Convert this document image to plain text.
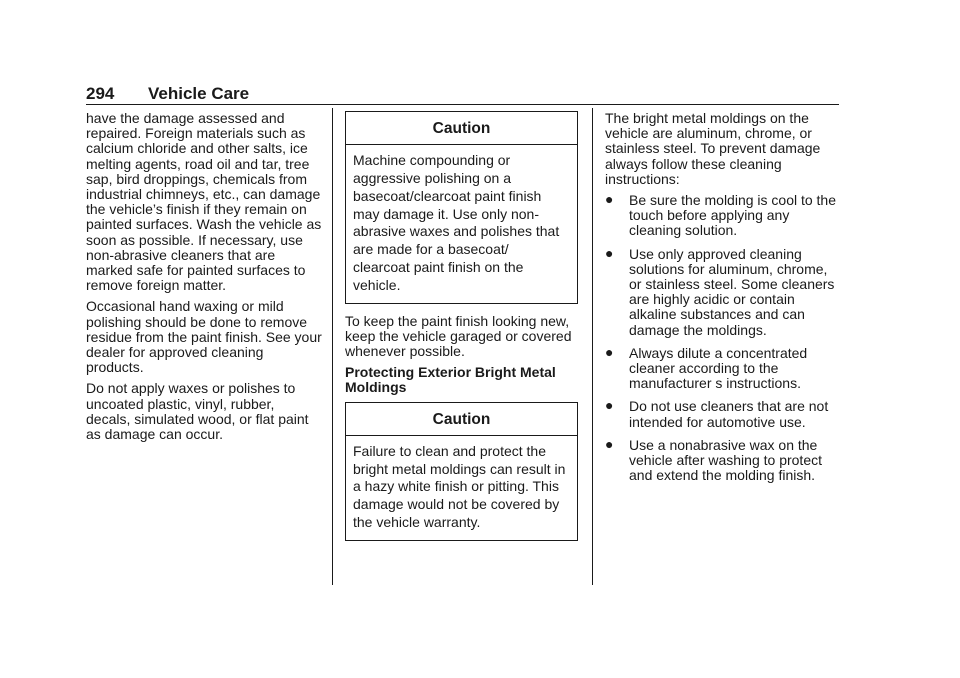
294	Vehicle Care

have the damage assessed and repaired. Foreign materials such as calcium chloride and other salts, ice melting agents, road oil and tar, tree sap, bird droppings, chemicals from industrial chimneys, etc., can damage the vehicle’s finish if they remain on painted surfaces. Wash the vehicle as soon as possible. If necessary, use non-abrasive cleaners that are marked safe for painted surfaces to remove foreign matter.

Occasional hand waxing or mild polishing should be done to remove residue from the paint finish. See your dealer for approved cleaning products.

Do not apply waxes or polishes to uncoated plastic, vinyl, rubber, decals, simulated wood, or flat paint as damage can occur.

Caution
Machine compounding or aggressive polishing on a basecoat/clearcoat paint finish may damage it. Use only non-abrasive waxes and polishes that are made for a basecoat/ clearcoat paint finish on the vehicle.

To keep the paint finish looking new, keep the vehicle garaged or covered whenever possible.

Protecting Exterior Bright Metal Moldings

Caution
Failure to clean and protect the bright metal moldings can result in a hazy white finish or pitting. This damage would not be covered by the vehicle warranty.

The bright metal moldings on the vehicle are aluminum, chrome, or stainless steel. To prevent damage always follow these cleaning instructions:

● Be sure the molding is cool to the touch before applying any cleaning solution.
● Use only approved cleaning solutions for aluminum, chrome, or stainless steel. Some cleaners are highly acidic or contain alkaline substances and can damage the moldings.
● Always dilute a concentrated cleaner according to the manufacturer s instructions.
● Do not use cleaners that are not intended for automotive use.
● Use a nonabrasive wax on the vehicle after washing to protect and extend the molding finish.
